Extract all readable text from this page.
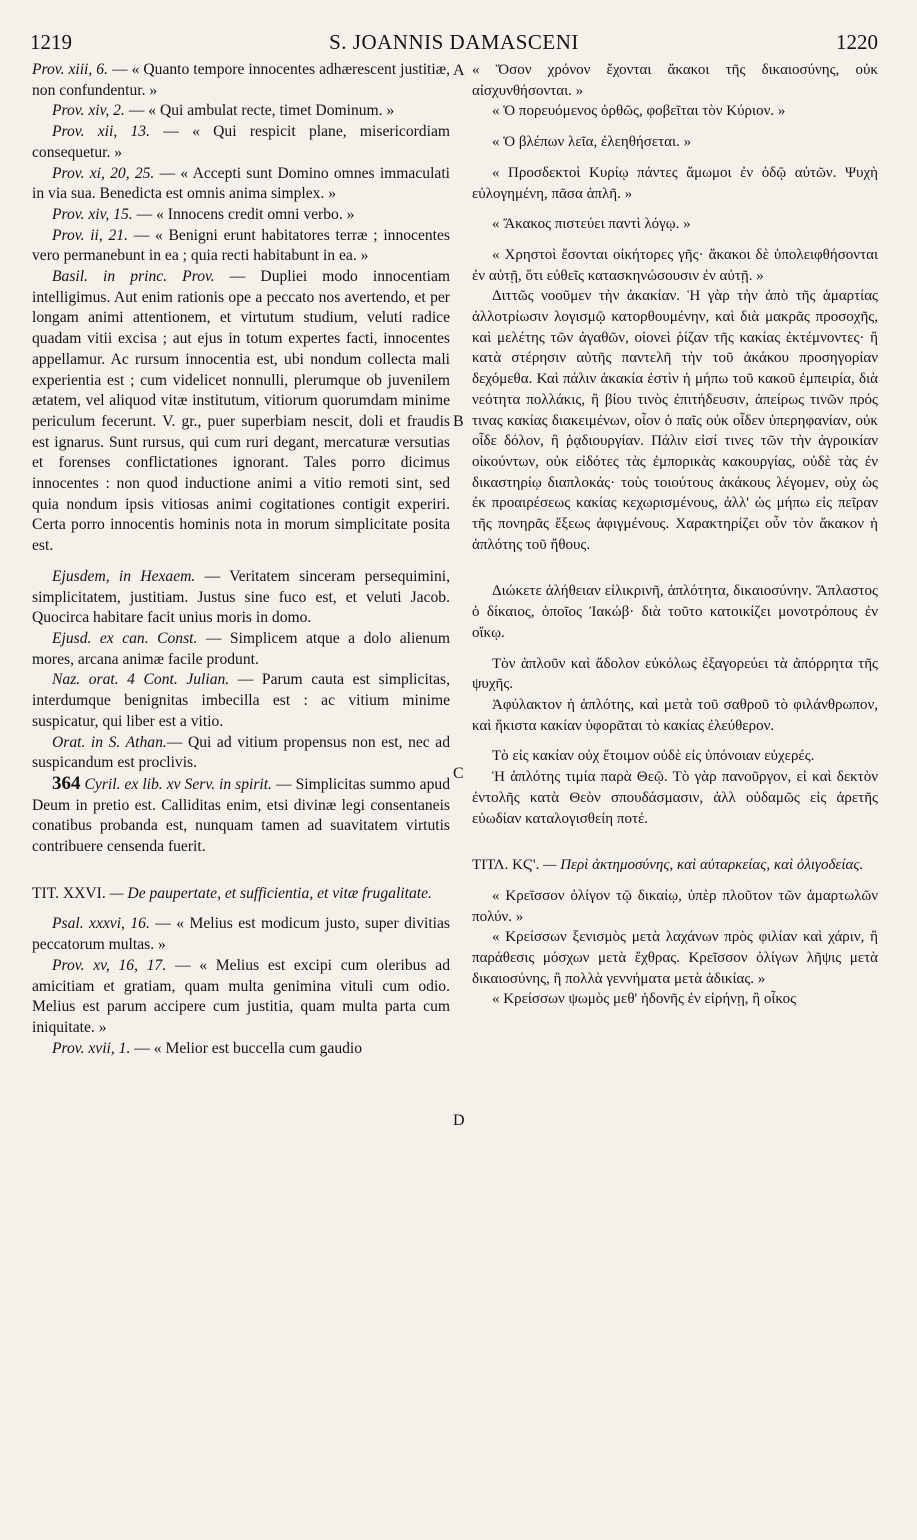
1219	S. JOANNIS DAMASCENI	1220
A
B
C
D

Prov. xiii, 6. — « Quanto tempore innocentes adhærescent justitiæ, non confundentur. »

Prov. xiv, 2. — « Qui ambulat recte, timet Dominum. »

Prov. xii, 13. — « Qui respicit plane, misericordiam consequetur. »

Prov. xi, 20, 25. — « Accepti sunt Domino omnes immaculati in via sua. Benedicta est omnis anima simplex. »

Prov. xiv, 15. — « Innocens credit omni verbo. »

Prov. ii, 21. — « Benigni erunt habitatores terræ ; innocentes vero permanebunt in ea ; quia recti habitabunt in ea. »

Basil. in princ. Prov. — Dupliei modo innocentiam intelligimus. Aut enim rationis ope a peccato nos avertendo, et per longam animi attentionem, et virtutum studium, veluti radice quadam vitii excisa ; aut ejus in totum expertes facti, innocentes appellamur. Ac rursum innocentia est, ubi nondum collecta mali experientia est ; cum videlicet nonnulli, plerumque ob juvenilem ætatem, vel aliquod vitæ institutum, vitiorum quorumdam minime periculum fecerunt. V. gr., puer superbiam nescit, doli et fraudis est ignarus. Sunt rursus, qui cum ruri degant, mercaturæ versutias et forenses conflictationes ignorant. Tales porro dicimus innocentes : non quod inductione animi a vitio remoti sint, sed quia nondum ipsis vitiosas animi cogitationes contigit experiri. Certa porro innocentis hominis nota in morum simplicitate posita est.

Ejusdem, in Hexaem. — Veritatem sinceram persequimini, simplicitatem, justitiam. Justus sine fuco est, et veluti Jacob. Quocirca habitare facit unius moris in domo.

Ejusd. ex can. Const. — Simplicem atque a dolo alienum mores, arcana animæ facile produnt.

Naz. orat. 4 Cont. Julian. — Parum cauta est simplicitas, interdumque benignitas imbecilla est : ac vitium minime suspicatur, qui liber est a vitio.

Orat. in S. Athan.— Qui ad vitium propensus non est, nec ad suspicandum est proclivis.

364 Cyril. ex lib. xv Serv. in spirit. — Simplicitas summo apud Deum in pretio est. Calliditas enim, etsi divinæ legi consentaneis conatibus probanda est, nunquam tamen ad suavitatem virtutis contribuere censenda fuerit.

TIT. XXVI. — De paupertate, et sufficientia, et vitæ frugalitate.

Psal. xxxvi, 16. — « Melius est modicum justo, super divitias peccatorum multas. »

Prov. xv, 16, 17. — « Melius est excipi cum oleribus ad amicitiam et gratiam, quam multa genimina vituli cum odio. Melius est parum accipere cum justitia, quam multa parta cum iniquitate. »

Prov. xvii, 1. — « Melior est buccella cum gaudio

« Ὅσον χρόνον ἔχονται ἄκακοι τῆς δικαιοσύνης, οὐκ αἰσχυνθήσονται. »

« Ὁ πορευόμενος ὀρθῶς, φοβεῖται τὸν Κύριον. »

« Ὁ βλέπων λεῖα, ἐλεηθήσεται. »

« Προσδεκτοὶ Κυρίῳ πάντες ἄμωμοι ἐν ὁδῷ αὐτῶν. Ψυχὴ εὐλογημένη, πᾶσα ἁπλῆ. »

« Ἄκακος πιστεύει παντὶ λόγῳ. »

« Χρηστοὶ ἔσονται οἰκήτορες γῆς· ἄκακοι δὲ ὑπολειφθήσονται ἐν αὐτῇ, ὅτι εὐθεῖς κατασκηνώσουσιν ἐν αὐτῇ. »

Διττῶς νοοῦμεν τὴν ἀκακίαν. Ἡ γὰρ τὴν ἀπὸ τῆς ἁμαρτίας ἀλλοτρίωσιν λογισμῷ κατορθουμένην, καὶ διὰ μακρᾶς προσοχῆς, καὶ μελέτης τῶν ἀγαθῶν, οἱονεὶ ῥίζαν τῆς κακίας ἐκτέμνοντες· ἢ κατὰ στέρησιν αὐτῆς παντελῆ τὴν τοῦ ἀκάκου προσηγορίαν δεχόμεθα. Καὶ πάλιν ἀκακία ἐστὶν ἡ μήπω τοῦ κακοῦ ἐμπειρία, διὰ νεότητα πολλάκις, ἢ βίου τινὸς ἐπιτήδευσιν, ἀπείρως τινῶν πρός τινας κακίας διακειμένων, οἷον ὁ παῖς οὐκ οἶδεν ὑπερηφανίαν, οὐκ οἶδε δόλον, ἢ ῥᾳδιουργίαν. Πάλιν εἰσί τινες τῶν τὴν ἀγροικίαν οἰκούντων, οὐκ εἰδότες τὰς ἐμπορικὰς κακουργίας, οὐδὲ τὰς ἐν δικαστηρίῳ διαπλοκάς· τοὺς τοιούτους ἀκάκους λέγομεν, οὐχ ὡς ἐκ προαιρέσεως κακίας κεχωρισμένους, ἀλλ' ὡς μήπω εἰς πεῖραν τῆς πονηρᾶς ἕξεως ἀφιγμένους. Χαρακτηρίζει οὖν τὸν ἄκακον ἡ ἁπλότης τοῦ ἤθους.

Διώκετε ἀλήθειαν εἰλικρινῆ, ἁπλότητα, δικαιοσύνην. Ἄπλαστος ὁ δίκαιος, ὁποῖος Ἰακώβ· διὰ τοῦτο κατοικίζει μονοτρόπους ἐν οἴκῳ.

Τὸν ἁπλοῦν καὶ ἄδολον εὐκόλως ἐξαγορεύει τὰ ἀπόρρητα τῆς ψυχῆς.

Ἀφύλακτον ἡ ἁπλότης, καὶ μετὰ τοῦ σαθροῦ τὸ φιλάνθρωπον, καὶ ἥκιστα κακίαν ὑφορᾶται τὸ κακίας ἐλεύθερον.

Τὸ εἰς κακίαν οὐχ ἕτοιμον οὐδὲ εἰς ὑπόνοιαν εὐχερές.

Ἡ ἁπλότης τιμία παρὰ Θεῷ. Τὸ γὰρ πανοῦργον, εἰ καὶ δεκτὸν ἐντολῆς κατὰ Θεὸν σπουδάσμασιν, ἀλλ οὐδαμῶς εἰς ἀρετῆς εὐωδίαν καταλογισθείη ποτέ.

ΤΙΤΛ. ΚϚ'. — Περὶ ἀκτημοσύνης, καὶ αὐταρκείας, καὶ ὀλιγοδείας.

« Κρεῖσσον ὀλίγον τῷ δικαίῳ, ὑπὲρ πλοῦτον τῶν ἁμαρτωλῶν πολύν. »

« Κρείσσων ξενισμὸς μετὰ λαχάνων πρὸς φιλίαν καὶ χάριν, ἢ παράθεσις μόσχων μετὰ ἔχθρας. Κρεῖσσον ὀλίγων λῆψις μετὰ δικαιοσύνης, ἢ πολλὰ γεννήματα μετὰ ἀδικίας. »

« Κρείσσων ψωμὸς μεθ' ἡδονῆς ἐν εἰρήνῃ, ἢ οἶκος
